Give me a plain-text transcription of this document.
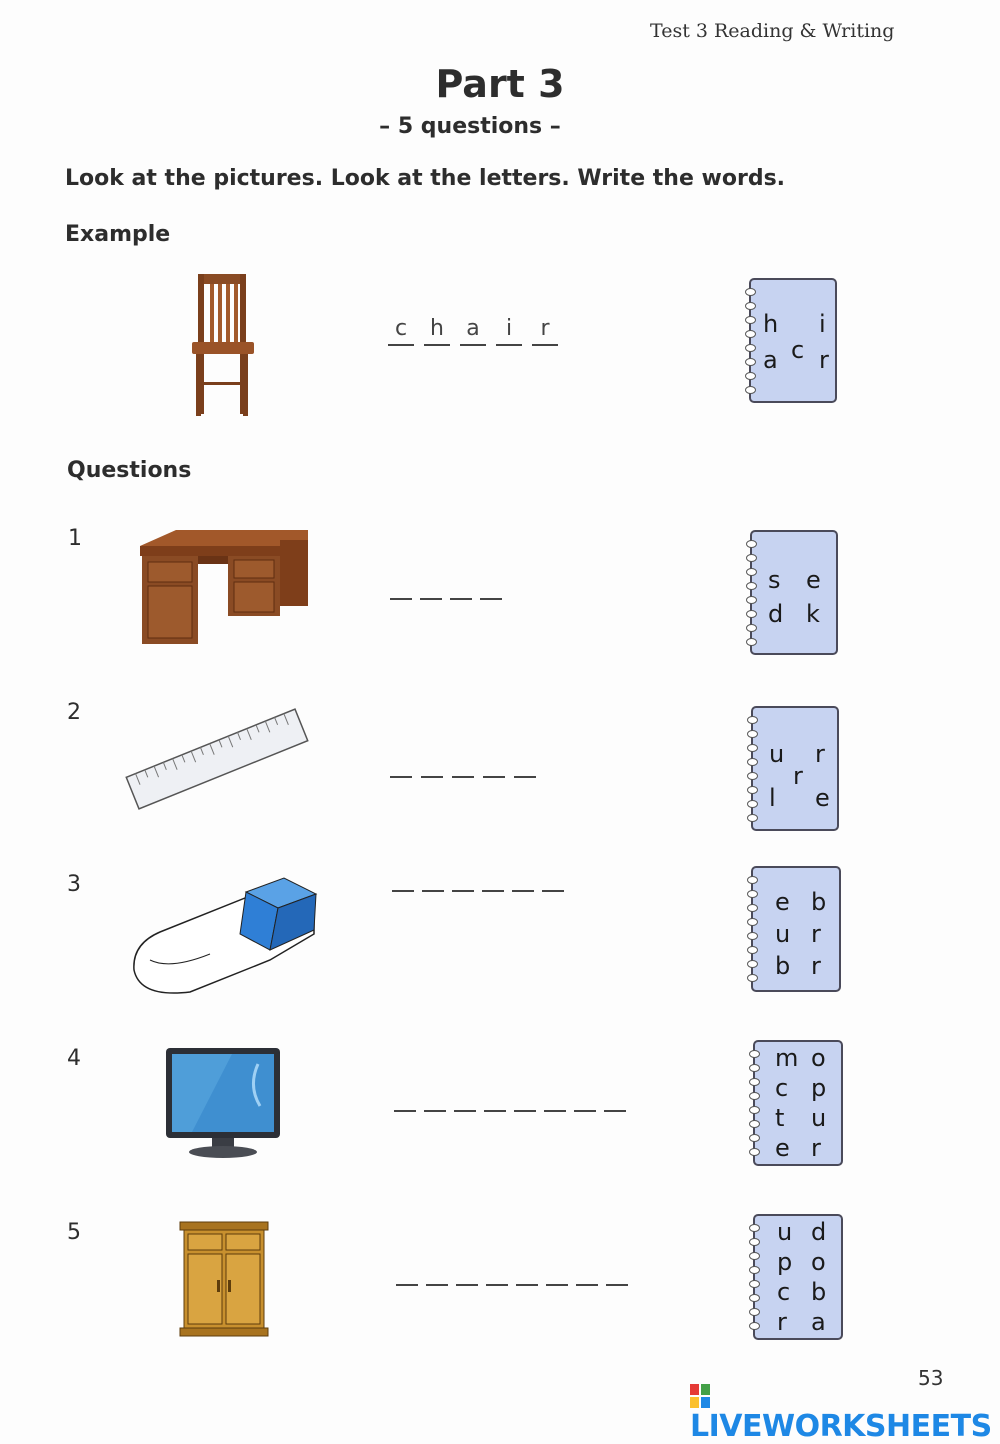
Test 3 Reading & Writing
Part 3
– 5 questions –
Look at the pictures. Look at the letters. Write the words.
Example
c	h a	i	r	h i
c
a r
Questions
1
s e
d k
2
u r
r
l e
3
e b
u r
b r
4	m o
c p
t u
e r
5	u d
p o
c b
r a
53
LIVEWORKSHEETS
